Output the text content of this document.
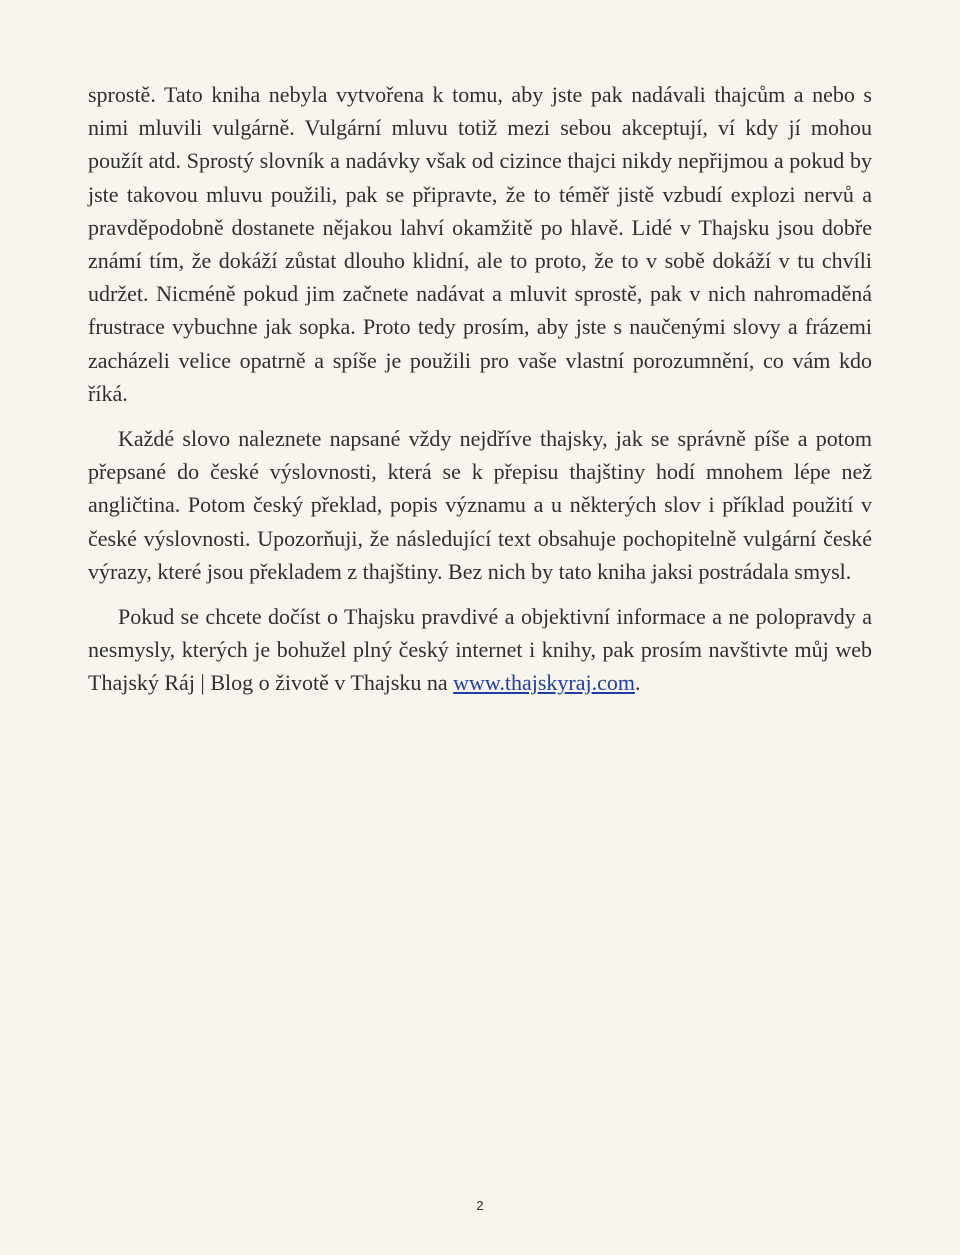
sprostě. Tato kniha nebyla vytvořena k tomu, aby jste pak nadávali thajcům a nebo s nimi mluvili vulgárně. Vulgární mluvu totiž mezi sebou akceptují, ví kdy jí mohou použít atd. Sprostý slovník a nadávky však od cizince thajci nikdy nepřijmou a pokud by jste takovou mluvu použili, pak se připravte, že to téměř jistě vzbudí explozi nervů a pravděpodobně dostanete nějakou lahví okamžitě po hlavě. Lidé v Thajsku jsou dobře známí tím, že dokáží zůstat dlouho klidní, ale to proto, že to v sobě dokáží v tu chvíli udržet. Nicméně pokud jim začnete nadávat a mluvit sprostě, pak v nich nahromaděná frustrace vybuchne jak sopka. Proto tedy prosím, aby jste s naučenými slovy a frázemi zacházeli velice opatrně a spíše je použili pro vaše vlastní porozumnění, co vám kdo říká.

Každé slovo naleznete napsané vždy nejdříve thajsky, jak se správně píše a potom přepsané do české výslovnosti, která se k přepisu thajštiny hodí mnohem lépe než angličtina. Potom český překlad, popis významu a u některých slov i příklad použití v české výslovnosti. Upozorňuji, že následující text obsahuje pochopitelně vulgární české výrazy, které jsou překladem z thajštiny. Bez nich by tato kniha jaksi postrádala smysl.

Pokud se chcete dočíst o Thajsku pravdivé a objektivní informace a ne polopravdy a nesmysly, kterých je bohužel plný český internet i knihy, pak prosím navštivte můj web Thajský Ráj | Blog o životě v Thajsku na www.thajskyraj.com.

2
